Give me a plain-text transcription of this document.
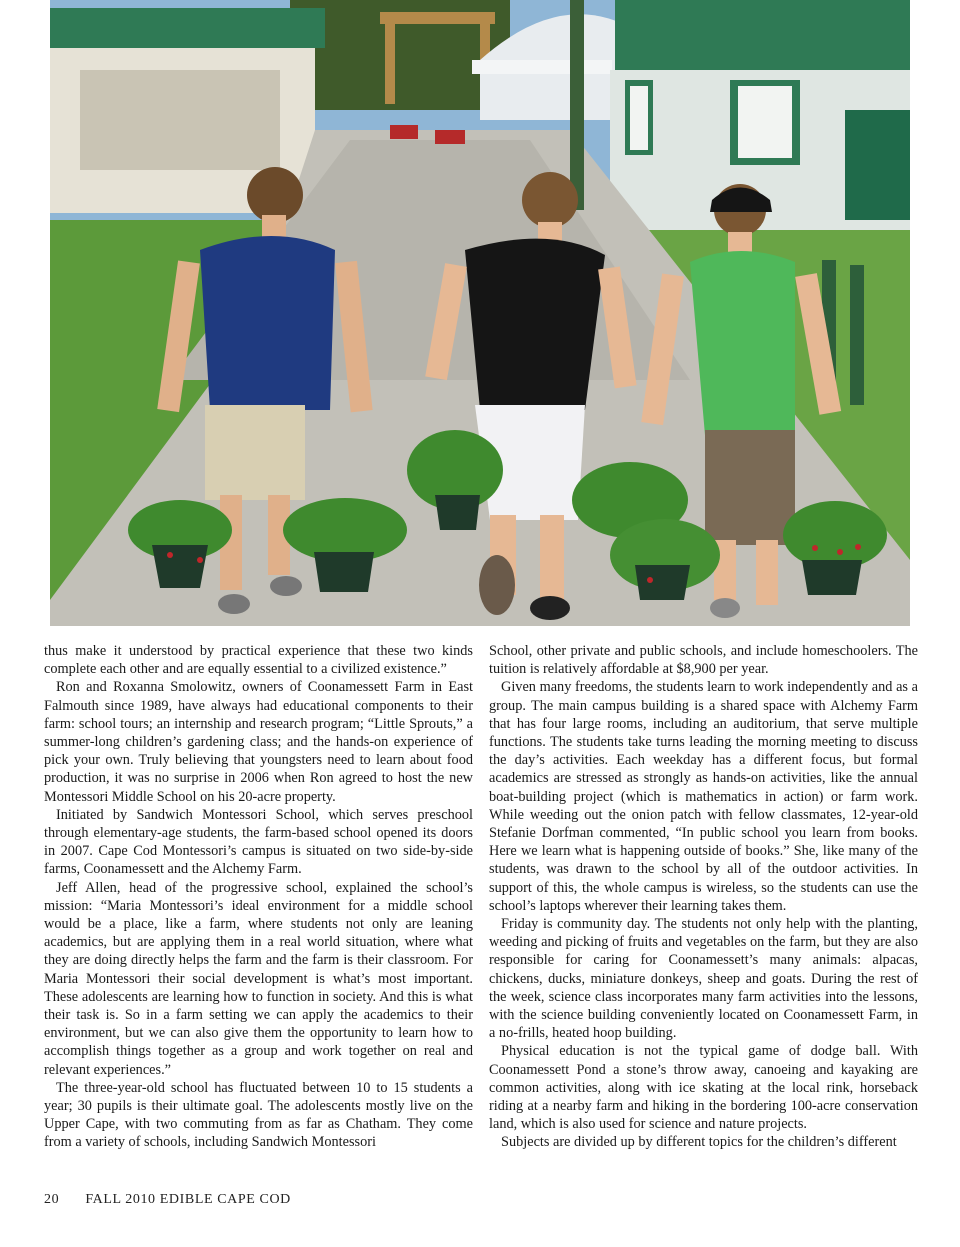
thus make it understood by practical experience that these two kinds complete each other and are equally essential to a civilized existence.”

Ron and Roxanna Smolowitz, owners of Coonamessett Farm in East Falmouth since 1989, have always had educational components to their farm: school tours; an internship and research program; “Little Sprouts,” a summer-long children’s gardening class; and the hands-on experience of pick your own. Truly believing that youngsters need to learn about food production, it was no surprise in 2006 when Ron agreed to host the new Montessori Middle School on his 20-acre property.

Initiated by Sandwich Montessori School, which serves preschool through elementary-age students, the farm-based school opened its doors in 2007. Cape Cod Montessori’s campus is situated on two side-by-side farms, Coonamessett and the Alchemy Farm.

Jeff Allen, head of the progressive school, explained the school’s mission: “Maria Montessori’s ideal environment for a middle school would be a place, like a farm, where students not only are leaning academics, but are applying them in a real world situation, where what they are doing directly helps the farm and the farm is their classroom. For Maria Montessori their social development is what’s most important. These adolescents are learning how to function in society. And this is what their task is. So in a farm setting we can apply the academics to their environment, but we can also give them the opportunity to learn how to accomplish things together as a group and work together on real and relevant experiences.”

The three-year-old school has fluctuated between 10 to 15 students a year; 30 pupils is their ultimate goal. The adolescents mostly live on the Upper Cape, with two commuting from as far as Chatham. They come from a variety of schools, including Sandwich Montessori

School, other private and public schools, and include homeschoolers. The tuition is relatively affordable at $8,900 per year.

Given many freedoms, the students learn to work independently and as a group. The main campus building is a shared space with Alchemy Farm that has four large rooms, including an auditorium, that serve multiple functions. The students take turns leading the morning meeting to discuss the day’s activities. Each weekday has a different focus, but formal academics are stressed as strongly as hands-on activities, like the annual boat-building project (which is mathematics in action) or farm work. While weeding out the onion patch with fellow classmates, 12-year-old Stefanie Dorfman commented, “In public school you learn from books. Here we learn what is happening outside of books.” She, like many of the students, was drawn to the school by all of the outdoor activities. In support of this, the whole campus is wireless, so the students can use the school’s laptops wherever their learning takes them.

Friday is community day. The students not only help with the planting, weeding and picking of fruits and vegetables on the farm, but they are also responsible for caring for Coonamessett’s many animals: alpacas, chickens, ducks, miniature donkeys, sheep and goats. During the rest of the week, science class incorporates many farm activities into the lessons, with the science building conveniently located on Coonamessett Farm, in a no-frills, heated hoop building.

Physical education is not the typical game of dodge ball. With Coonamessett Pond a stone’s throw away, canoeing and kayaking are common activities, along with ice skating at the local rink, horseback riding at a nearby farm and hiking in the bordering 100-acre conservation land, which is also used for science and nature projects.

Subjects are divided up by different topics for the children’s different

20 FALL 2010 EDIBLE CAPE COD
